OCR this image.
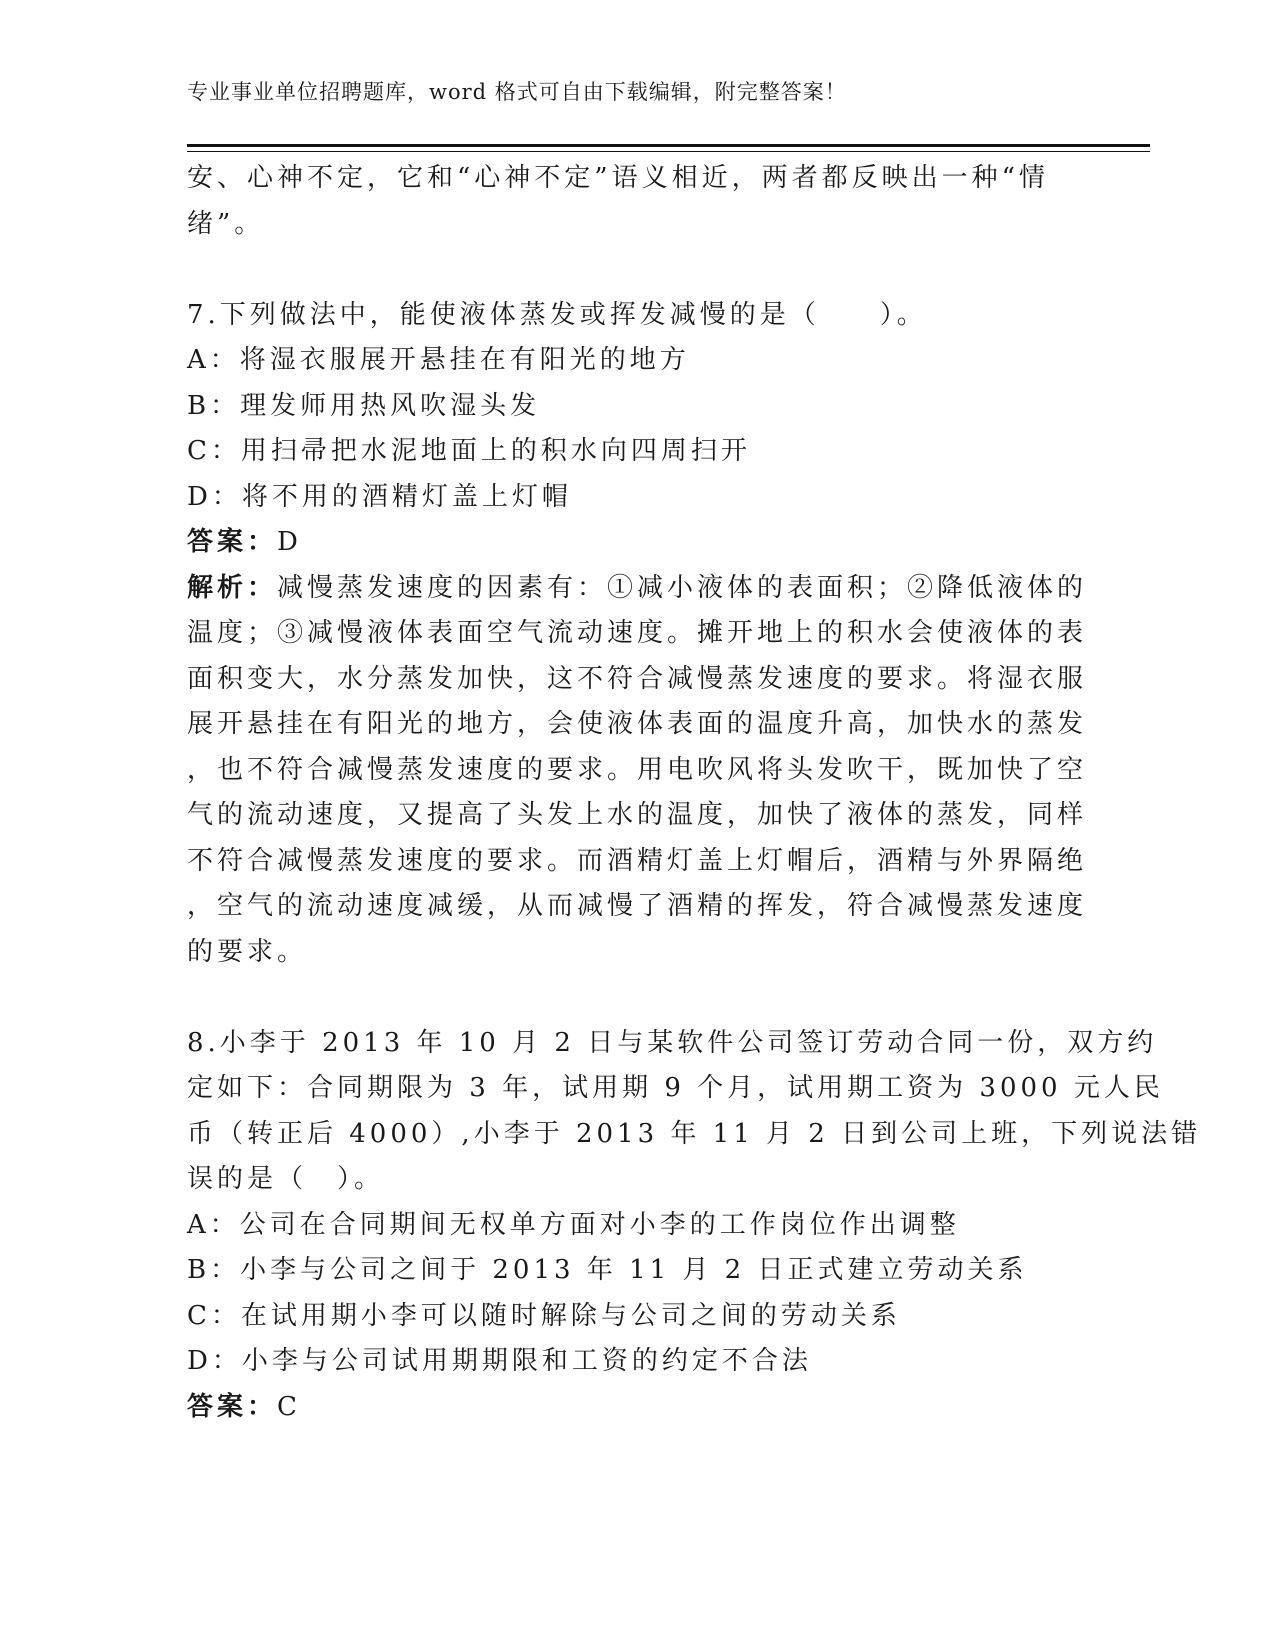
专业事业单位招聘题库，word 格式可自由下载编辑，附完整答案！
安、心神不定，它和“心神不定”语义相近，两者都反映出一种“情
绪”。
7.下列做法中，能使液体蒸发或挥发减慢的是（　　）。
A：将湿衣服展开悬挂在有阳光的地方
B：理发师用热风吹湿头发
C：用扫帚把水泥地面上的积水向四周扫开
D：将不用的酒精灯盖上灯帽
答案：D
解析：减慢蒸发速度的因素有：①减小液体的表面积；②降低液体的
温度；③减慢液体表面空气流动速度。摊开地上的积水会使液体的表
面积变大，水分蒸发加快，这不符合减慢蒸发速度的要求。将湿衣服
展开悬挂在有阳光的地方，会使液体表面的温度升高，加快水的蒸发
，也不符合减慢蒸发速度的要求。用电吹风将头发吹干，既加快了空
气的流动速度，又提高了头发上水的温度，加快了液体的蒸发，同样
不符合减慢蒸发速度的要求。而酒精灯盖上灯帽后，酒精与外界隔绝
，空气的流动速度减缓，从而减慢了酒精的挥发，符合减慢蒸发速度
的要求。
8.小李于 2013 年 10 月 2 日与某软件公司签订劳动合同一份，双方约
定如下：合同期限为 3 年，试用期 9 个月，试用期工资为 3000 元人民
币（转正后 4000）,小李于 2013 年 11 月 2 日到公司上班，下列说法错
误的是（　）。
A：公司在合同期间无权单方面对小李的工作岗位作出调整
B：小李与公司之间于 2013 年 11 月 2 日正式建立劳动关系
C：在试用期小李可以随时解除与公司之间的劳动关系
D：小李与公司试用期期限和工资的约定不合法
答案：C
